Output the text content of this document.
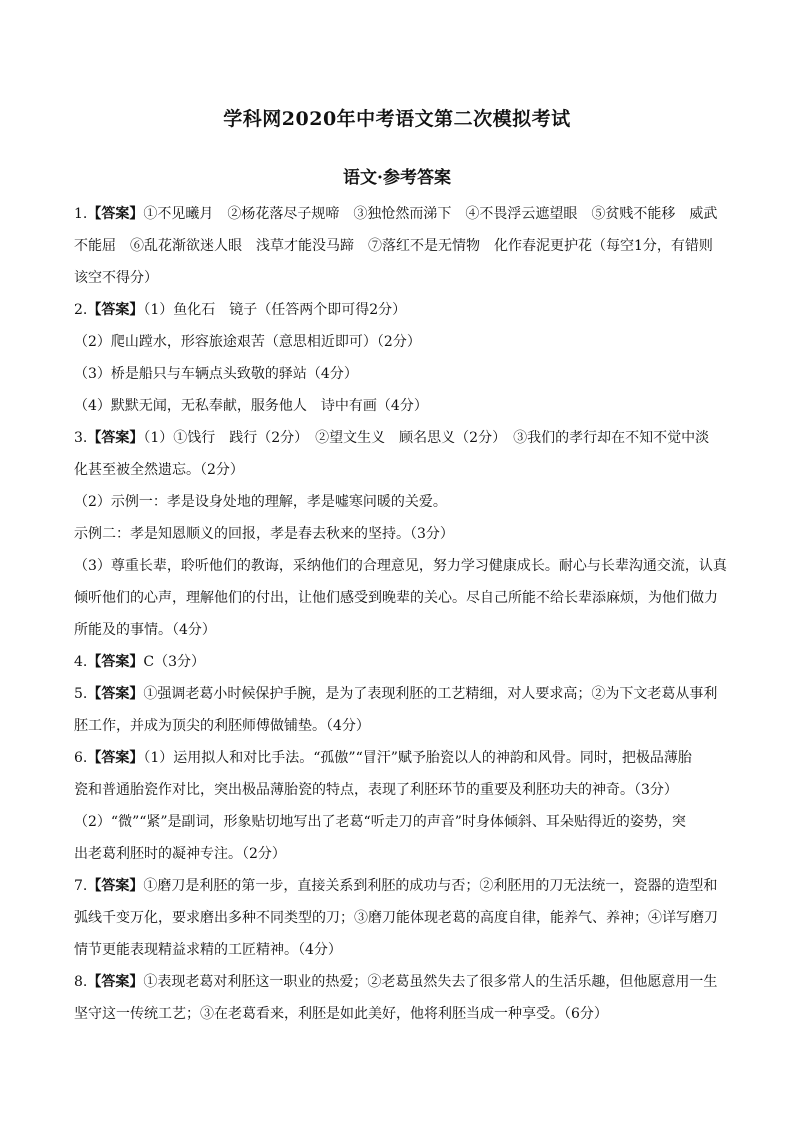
学科网2020年中考语文第二次模拟考试
语文·参考答案
1.【答案】①不见曦月　②杨花落尽子规啼　③独怆然而涕下　④不畏浮云遮望眼　⑤贫贱不能移　威武
不能屈　⑥乱花渐欲迷人眼　浅草才能没马蹄　⑦落红不是无情物　化作春泥更护花（每空1分，有错则
该空不得分）
2.【答案】（1）鱼化石　镜子（任答两个即可得2分）
（2）爬山蹚水，形容旅途艰苦（意思相近即可）（2分）
（3）桥是船只与车辆点头致敬的驿站（4分）
（4）默默无闻，无私奉献，服务他人　诗中有画（4分）
3.【答案】（1）①饯行　践行（2分）　②望文生义　顾名思义（2分）　③我们的孝行却在不知不觉中淡
化甚至被全然遗忘。（2分）
（2）示例一：孝是设身处地的理解，孝是嘘寒问暖的关爱。
示例二：孝是知恩顺义的回报，孝是春去秋来的坚持。（3分）
（3）尊重长辈，聆听他们的教诲，采纳他们的合理意见，努力学习健康成长。耐心与长辈沟通交流，认真
倾听他们的心声，理解他们的付出，让他们感受到晚辈的关心。尽自己所能不给长辈添麻烦，为他们做力
所能及的事情。（4分）
4.【答案】C（3分）
5.【答案】①强调老葛小时候保护手腕，是为了表现利胚的工艺精细，对人要求高；②为下文老葛从事利
胚工作，并成为顶尖的利胚师傅做铺垫。（4分）
6.【答案】（1）运用拟人和对比手法。“孤傲”“冒汗”赋予胎瓷以人的神韵和风骨。同时，把极品薄胎
瓷和普通胎瓷作对比，突出极品薄胎瓷的特点，表现了利胚环节的重要及利胚功夫的神奇。（3分）
（2）“微”“紧”是副词，形象贴切地写出了老葛“听走刀的声音”时身体倾斜、耳朵贴得近的姿势，突
出老葛利胚时的凝神专注。（2分）
7.【答案】①磨刀是利胚的第一步，直接关系到利胚的成功与否；②利胚用的刀无法统一，瓷器的造型和
弧线千变万化，要求磨出多种不同类型的刀；③磨刀能体现老葛的高度自律，能养气、养神；④详写磨刀
情节更能表现精益求精的工匠精神。（4分）
8.【答案】①表现老葛对利胚这一职业的热爱；②老葛虽然失去了很多常人的生活乐趣，但他愿意用一生
坚守这一传统工艺；③在老葛看来，利胚是如此美好，他将利胚当成一种享受。（6分）
